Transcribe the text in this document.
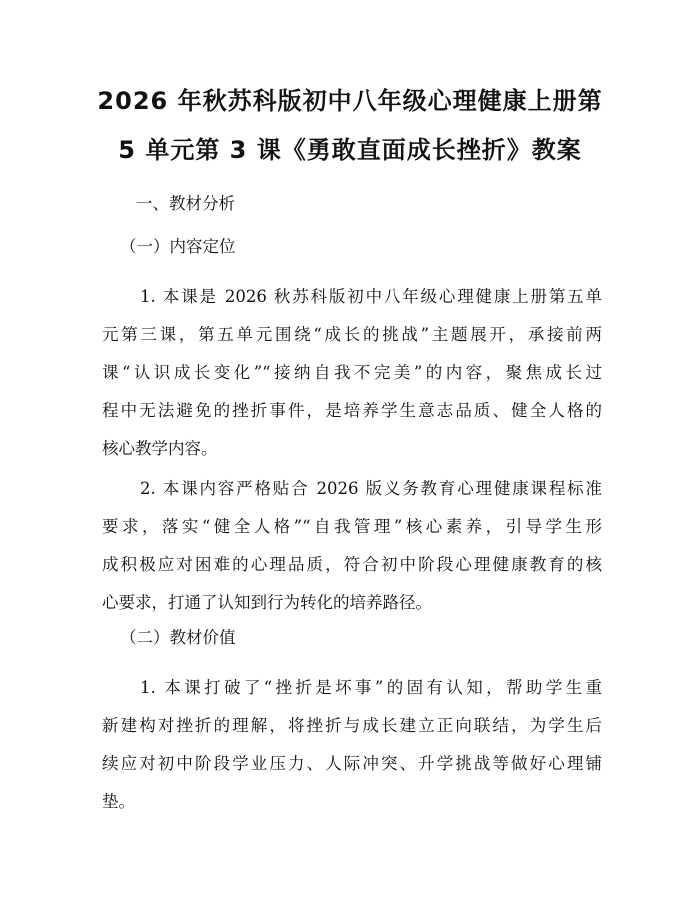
2026 年秋苏科版初中八年级心理健康上册第
5 单元第 3 课《勇敢直面成长挫折》教案
一、教材分析
（一）内容定位
1. 本课是 2026 秋苏科版初中八年级心理健康上册第五单
元第三课，第五单元围绕“成长的挑战”主题展开，承接前两
课“认识成长变化”“接纳自我不完美”的内容，聚焦成长过
程中无法避免的挫折事件，是培养学生意志品质、健全人格的
核心教学内容。
2. 本课内容严格贴合 2026 版义务教育心理健康课程标准
要求，落实“健全人格”“自我管理”核心素养，引导学生形
成积极应对困难的心理品质，符合初中阶段心理健康教育的核
心要求，打通了认知到行为转化的培养路径。
（二）教材价值
1. 本课打破了“挫折是坏事”的固有认知，帮助学生重
新建构对挫折的理解，将挫折与成长建立正向联结，为学生后
续应对初中阶段学业压力、人际冲突、升学挑战等做好心理铺
垫。
